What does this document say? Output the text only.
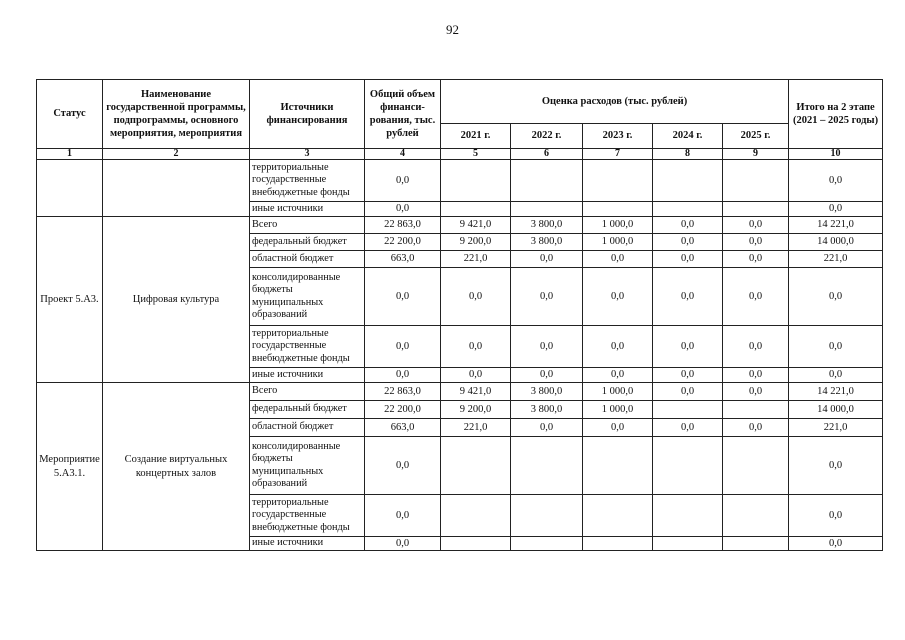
92
Статус	Наименование государственной программы, подпрограммы, основного мероприятия, мероприятия	Источники финансирования	Общий объем финанси-рования, тыс. рублей	Оценка расходов (тыс. рублей)					Итого на 2 этапе (2021 – 2025 годы)
				2021 г.	2022 г.	2023 г.	2024 г.	2025 г.	
1	2	3	4	5	6	7	8	9	10
		территориальные государственные внебюджетные фонды	0,0						0,0
		иные источники	0,0						0,0
Проект 5.А3.	Цифровая культура	Всего	22 863,0	9 421,0	3 800,0	1 000,0	0,0	0,0	14 221,0
		федеральный бюджет	22 200,0	9 200,0	3 800,0	1 000,0	0,0	0,0	14 000,0
		областной бюджет	663,0	221,0	0,0	0,0	0,0	0,0	221,0
		консолидированные бюджеты муниципальных образований	0,0	0,0	0,0	0,0	0,0	0,0	0,0
		территориальные государственные внебюджетные фонды	0,0	0,0	0,0	0,0	0,0	0,0	0,0
		иные источники	0,0	0,0	0,0	0,0	0,0	0,0	0,0
Мероприятие 5.А3.1.	Создание виртуальных концертных залов	Всего	22 863,0	9 421,0	3 800,0	1 000,0	0,0	0,0	14 221,0
		федеральный бюджет	22 200,0	9 200,0	3 800,0	1 000,0			14 000,0
		областной бюджет	663,0	221,0	0,0	0,0	0,0	0,0	221,0
		консолидированные бюджеты муниципальных образований	0,0						0,0
		территориальные государственные внебюджетные фонды	0,0						0,0
		иные источники	0,0						0,0
